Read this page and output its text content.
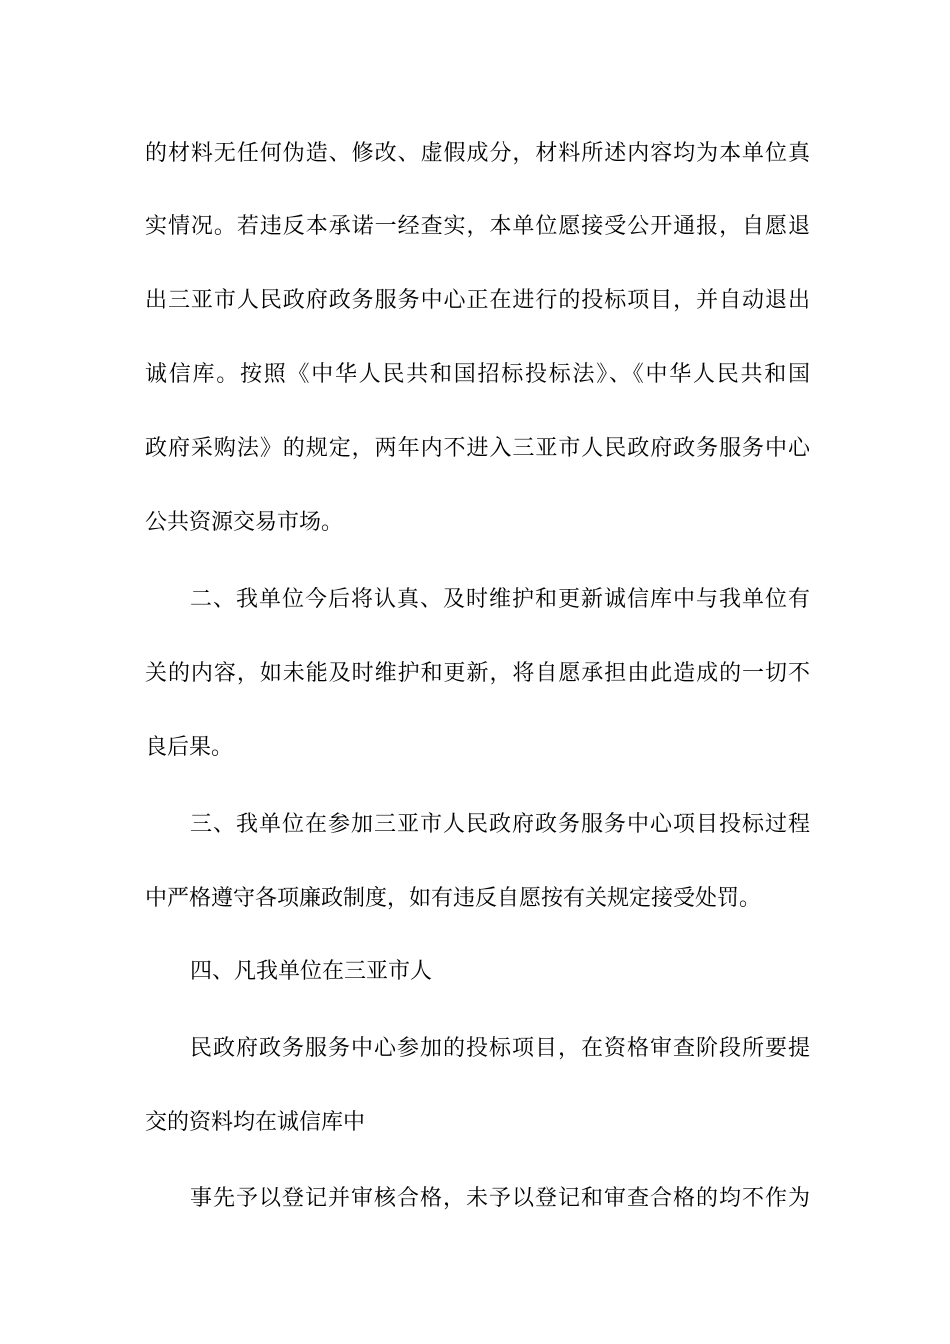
的材料无任何伪造、修改、虚假成分，材料所述内容均为本单位真
实情况。若违反本承诺一经查实，本单位愿接受公开通报，自愿退
出三亚市人民政府政务服务中心正在进行的投标项目，并自动退出
诚信库。按照《中华人民共和国招标投标法》、《中华人民共和国
政府采购法》的规定，两年内不进入三亚市人民政府政务服务中心
公共资源交易市场。
二、我单位今后将认真、及时维护和更新诚信库中与我单位有
关的内容，如未能及时维护和更新，将自愿承担由此造成的一切不
良后果。
三、我单位在参加三亚市人民政府政务服务中心项目投标过程
中严格遵守各项廉政制度，如有违反自愿按有关规定接受处罚。
四、凡我单位在三亚市人
民政府政务服务中心参加的投标项目，在资格审查阶段所要提
交的资料均在诚信库中
事先予以登记并审核合格，未予以登记和审查合格的均不作为
